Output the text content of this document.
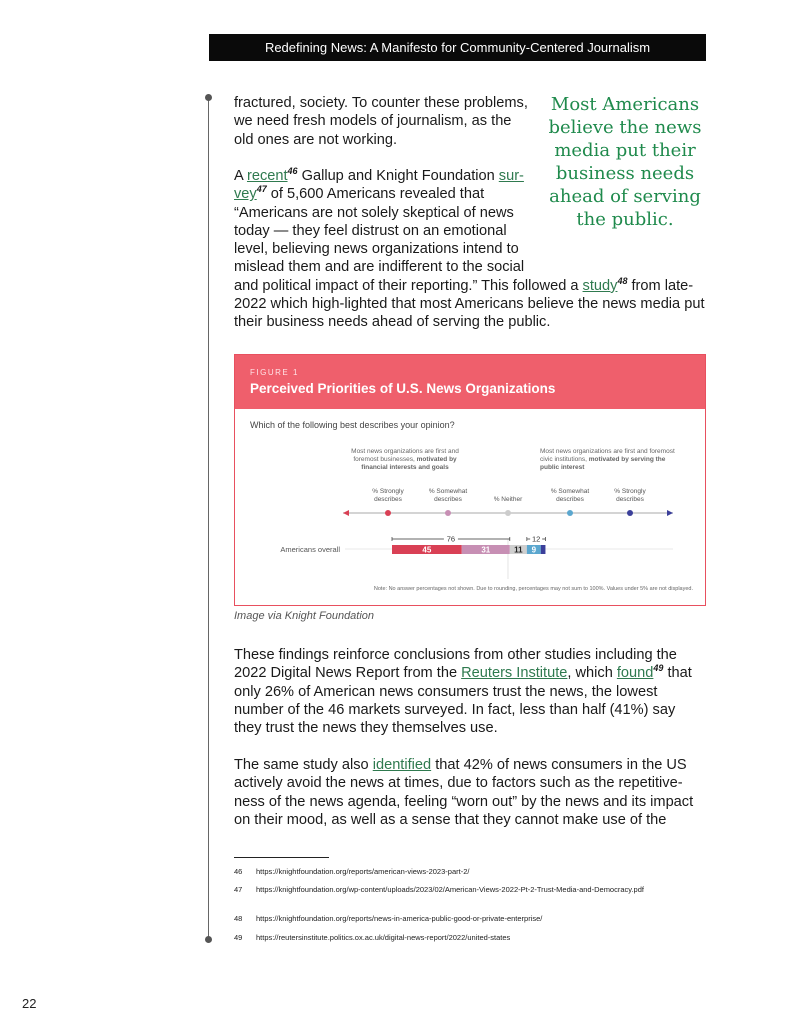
Redefining News: A Manifesto for Community-Centered Journalism
Most Americans believe the news media put their business needs ahead of serving the public.
fractured, society. To counter these problems,
we need fresh models of journalism, as the
old ones are not working.

A recent$^{46}$ Gallup and Knight Foundation sur-vey$^{47}$ of 5,600 Americans revealed that “Americans are not solely skeptical of news today — they feel distrust on an emotional level, believing news organizations intend to mislead them and are indifferent to the social and political impact of their reporting.” This followed a study$^{48}$ from late-2022 which high-lighted that most Americans believe the news media put their business needs ahead of serving the public.

FIGURE 1
Perceived Priorities of U.S. News Organizations
Which of the following best describes your opinion?
Most news organizations are first and foremost businesses, motivated by financial interests and goals
Most news organizations are first and foremost civic institutions, motivated by serving the public interest
% Strongly describes
% Somewhat describes	% Neither
% Somewhat describes
% Strongly describes
Americans overall	45	31	11 9
76	12
Note: No answer percentages not shown. Due to rounding, percentages may not sum to 100%. Values under 5% are not displayed.
Image via Knight Foundation

These findings reinforce conclusions from other studies including the 2022 Digital News Report from the Reuters Institute, which found$^{49}$ that only 26% of American news consumers trust the news, the lowest number of the 46 markets surveyed. In fact, less than half (41%) say they trust the news they themselves use.

The same study also identified that 42% of news consumers in the US actively avoid the news at times, due to factors such as the repetitive-ness of the news agenda, feeling “worn out” by the news and its impact on their mood, as well as a sense that they cannot make use of the

46 https://knightfoundation.org/reports/american-views-2023-part-2/
47 https://knightfoundation.org/wp-content/uploads/2023/02/American-Views-2022-Pt-2-Trust-Media-and-Democracy.pdf
48 https://knightfoundation.org/reports/news-in-america-public-good-or-private-enterprise/
49 https://reutersinstitute.politics.ox.ac.uk/digital-news-report/2022/united-states
22
